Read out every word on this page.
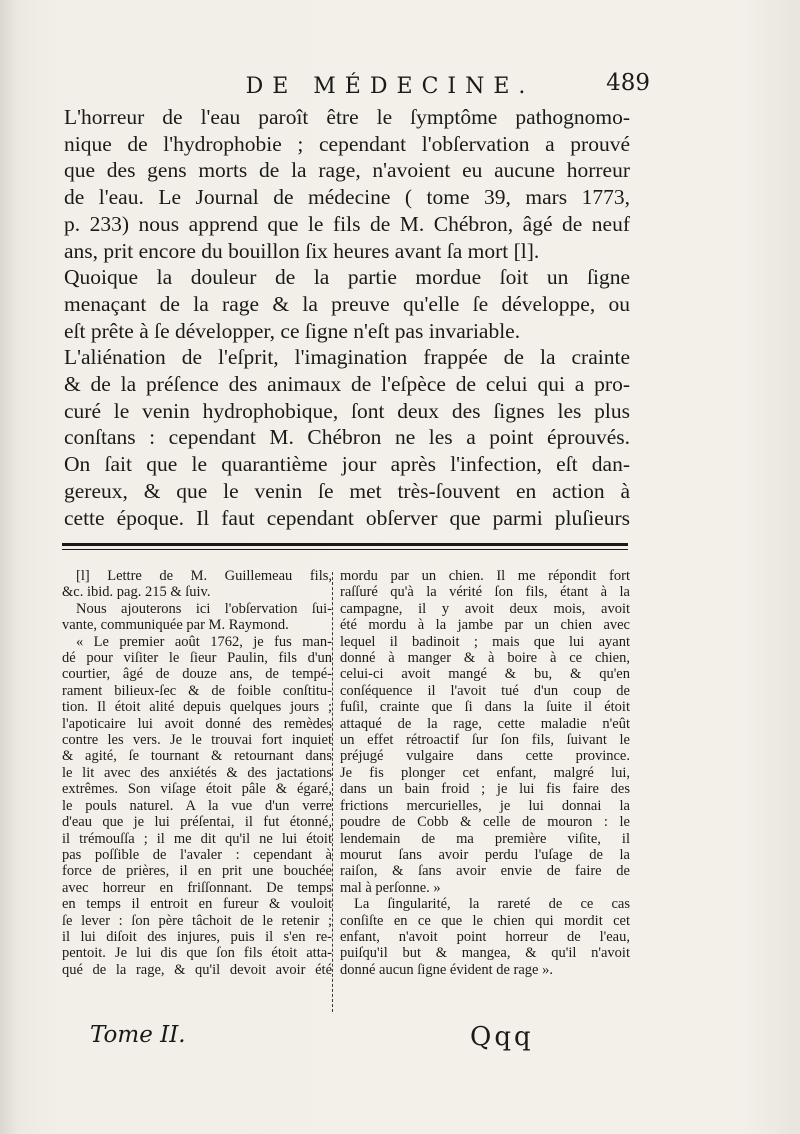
DE MÉDECINE.	489
L'horreur de l'eau paroît être le ſymptôme pathognomo-
nique de l'hydrophobie ; cependant l'obſervation a prouvé
que des gens morts de la rage, n'avoient eu aucune horreur
de l'eau. Le Journal de médecine ( tome 39, mars 1773,
p. 233) nous apprend que le fils de M. Chébron, âgé de neuf
ans, prit encore du bouillon ſix heures avant ſa mort [l].
Quoique la douleur de la partie mordue ſoit un ſigne
menaçant de la rage & la preuve qu'elle ſe développe, ou
eſt prête à ſe développer, ce ſigne n'eſt pas invariable.
L'aliénation de l'eſprit, l'imagination frappée de la crainte
& de la préſence des animaux de l'eſpèce de celui qui a pro-
curé le venin hydrophobique, ſont deux des ſignes les plus
conſtans : cependant M. Chébron ne les a point éprouvés.
On ſait que le quarantième jour après l'infection, eſt dan-
gereux, & que le venin ſe met très-ſouvent en action à
cette époque. Il faut cependant obſerver que parmi pluſieurs
[l] Lettre de M. Guillemeau fils,
&c. ibid. pag. 215 & ſuiv.
Nous ajouterons ici l'obſervation ſui-
vante, communiquée par M. Raymond.
« Le premier août 1762, je fus man-
dé pour viſiter le ſieur Paulin, fils d'un
courtier, âgé de douze ans, de tempé-
rament bilieux-ſec & de foible conſtitu-
tion. Il étoit alité depuis quelques jours ;
l'apoticaire lui avoit donné des remèdes
contre les vers. Je le trouvai fort inquiet
& agité, ſe tournant & retournant dans
le lit avec des anxiétés & des jactations
extrêmes. Son viſage étoit pâle & égaré,
le pouls naturel. A la vue d'un verre
d'eau que je lui préſentai, il fut étonné,
il trémouſſa ; il me dit qu'il ne lui étoit
pas poſſible de l'avaler : cependant à
force de prières, il en prit une bouchée
avec horreur en friſſonnant. De temps
en temps il entroit en fureur & vouloit
ſe lever : ſon père tâchoit de le retenir ;
il lui diſoit des injures, puis il s'en re-
pentoit. Je lui dis que ſon fils étoit atta-
qué de la rage, & qu'il devoit avoir été
mordu par un chien. Il me répondit fort
raſſuré qu'à la vérité ſon fils, étant à la
campagne, il y avoit deux mois, avoit
été mordu à la jambe par un chien avec
lequel il badinoit ; mais que lui ayant
donné à manger & à boire à ce chien,
celui-ci avoit mangé & bu, & qu'en
conſéquence il l'avoit tué d'un coup de
fuſil, crainte que ſi dans la ſuite il étoit
attaqué de la rage, cette maladie n'eût
un effet rétroactif ſur ſon fils, ſuivant le
préjugé vulgaire dans cette province.
Je fis plonger cet enfant, malgré lui,
dans un bain froid ; je lui fis faire des
frictions mercurielles, je lui donnai la
poudre de Cobb & celle de mouron : le
lendemain de ma première viſite, il
mourut ſans avoir perdu l'uſage de la
raiſon, & ſans avoir envie de faire de
mal à perſonne. »
La ſingularité, la rareté de ce cas
conſiſte en ce que le chien qui mordit cet
enfant, n'avoit point horreur de l'eau,
puiſqu'il but & mangea, & qu'il n'avoit
donné aucun ſigne évident de rage ».
Tome II.	Qqq
